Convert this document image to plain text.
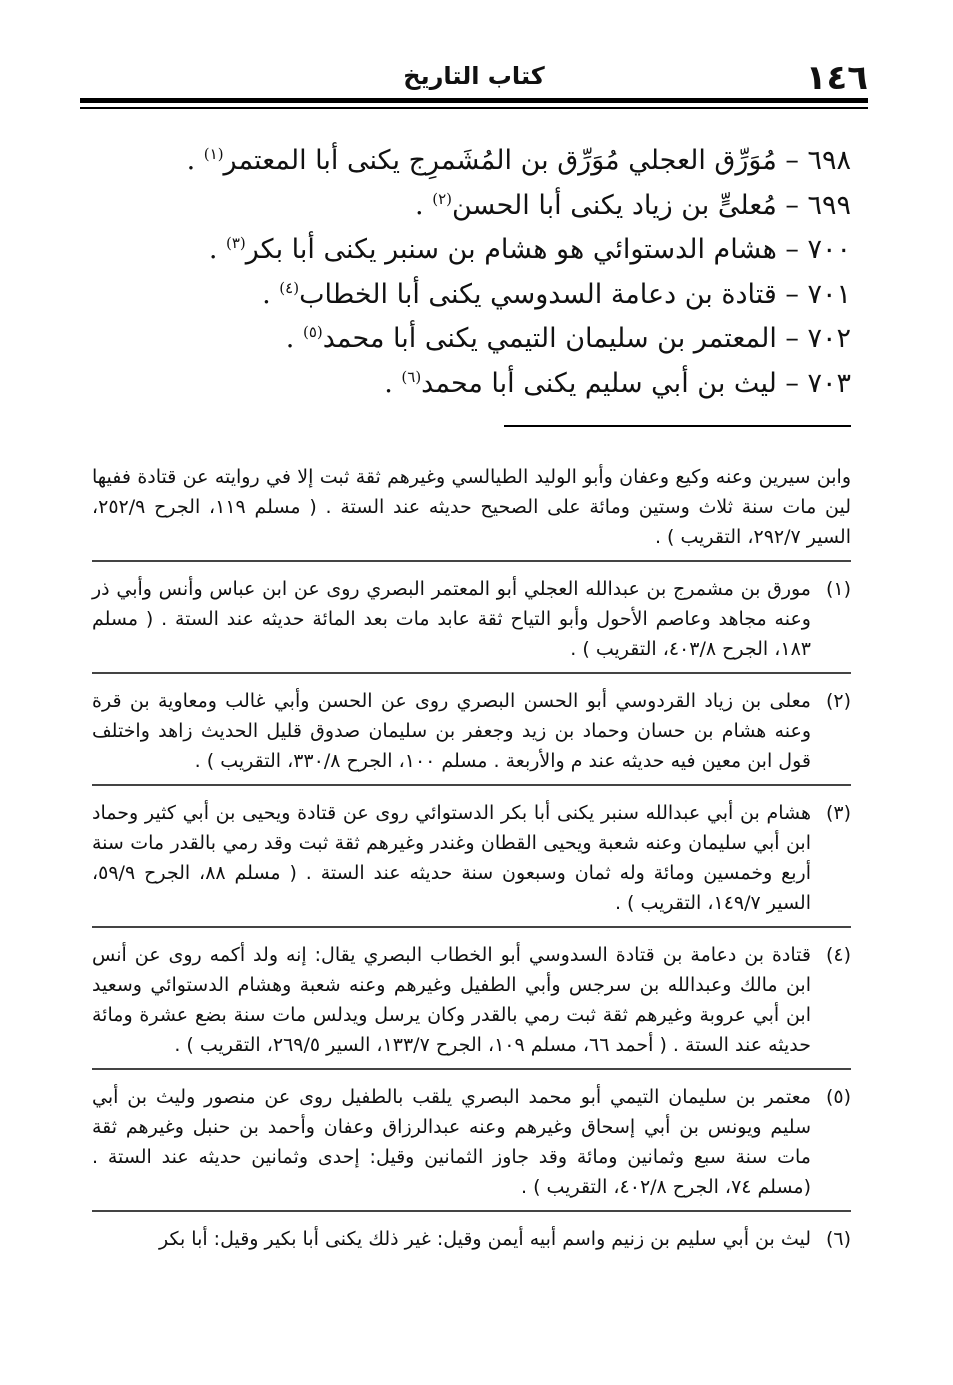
١٤٦
كتاب التاريخ
٦٩٨ – مُوَرِّق العجلي مُوَرِّق بن المُشَمرِج يكنى أبا المعتمر$^{(١)}$ .
٦٩٩ – مُعلىٍّ بن زياد يكنى أبا الحسن$^{(٢)}$ .
٧٠٠ – هشام الدستوائي هو هشام بن سنبر يكنى أبا بكر$^{(٣)}$ .
٧٠١ – قتادة بن دعامة السدوسي يكنى أبا الخطاب$^{(٤)}$ .
٧٠٢ – المعتمر بن سليمان التيمي يكنى أبا محمد$^{(٥)}$ .
٧٠٣ – ليث بن أبي سليم يكنى أبا محمد$^{(٦)}$ .

وابن سيرين وعنه وكيع وعفان وأبو الوليد الطيالسي وغيرهم ثقة ثبت إلا في روايته عن قتادة ففيها لين مات سنة ثلاث وستين ومائة على الصحيح حديثه عند الستة . ( مسلم ١١٩، الجرح ٢٥٢/٩، السير ٢٩٢/٧، التقريب ) .

(١)
مورق بن مشمرج بن عبدالله العجلي أبو المعتمر البصري روى عن ابن عباس وأنس وأبي ذر وعنه مجاهد وعاصم الأحول وأبو التياح ثقة عابد مات بعد المائة حديثه عند الستة . ( مسلم ١٨٣، الجرح ٤٠٣/٨، التقريب ) .
(٢)
معلى بن زياد القردوسي أبو الحسن البصري روى عن الحسن وأبي غالب ومعاوية بن قرة وعنه هشام بن حسان وحماد بن زيد وجعفر بن سليمان صدوق قليل الحديث زاهد واختلف قول ابن معين فيه حديثه عند م والأربعة . مسلم ١٠٠، الجرح ٣٣٠/٨، التقريب ) .
(٣)
هشام بن أبي عبدالله سنبر يكنى أبا بكر الدستوائي روى عن قتادة ويحيى بن أبي كثير وحماد ابن أبي سليمان وعنه شعبة ويحيى القطان وغندر وغيرهم ثقة ثبت وقد رمي بالقدر مات سنة أربع وخمسين ومائة وله ثمان وسبعون سنة حديثه عند الستة . ( مسلم ٨٨، الجرح ٥٩/٩، السير ١٤٩/٧، التقريب ) .
(٤)
قتادة بن دعامة بن قتادة السدوسي أبو الخطاب البصري يقال: إنه ولد أكمه روى عن أنس ابن مالك وعبدالله بن سرجس وأبي الطفيل وغيرهم وعنه شعبة وهشام الدستوائي وسعيد ابن أبي عروبة وغيرهم ثقة ثبت رمي بالقدر وكان يرسل ويدلس مات سنة بضع عشرة ومائة حديثه عند الستة . ( أحمد ٦٦، مسلم ١٠٩، الجرح ١٣٣/٧، السير ٢٦٩/٥، التقريب ) .
(٥)
معتمر بن سليمان التيمي أبو محمد البصري يلقب بالطفيل روى عن منصور وليث بن أبي سليم ويونس بن أبي إسحاق وغيرهم وعنه عبدالرزاق وعفان وأحمد بن حنبل وغيرهم ثقة مات سنة سبع وثمانين ومائة وقد جاوز الثمانين وقيل: إحدى وثمانين حديثه عند الستة . (مسلم ٧٤، الجرح ٤٠٢/٨، التقريب ) .
(٦)
ليث بن أبي سليم بن زنيم واسم أبيه أيمن وقيل: غير ذلك يكنى أبا بكير وقيل: أبا بكر
